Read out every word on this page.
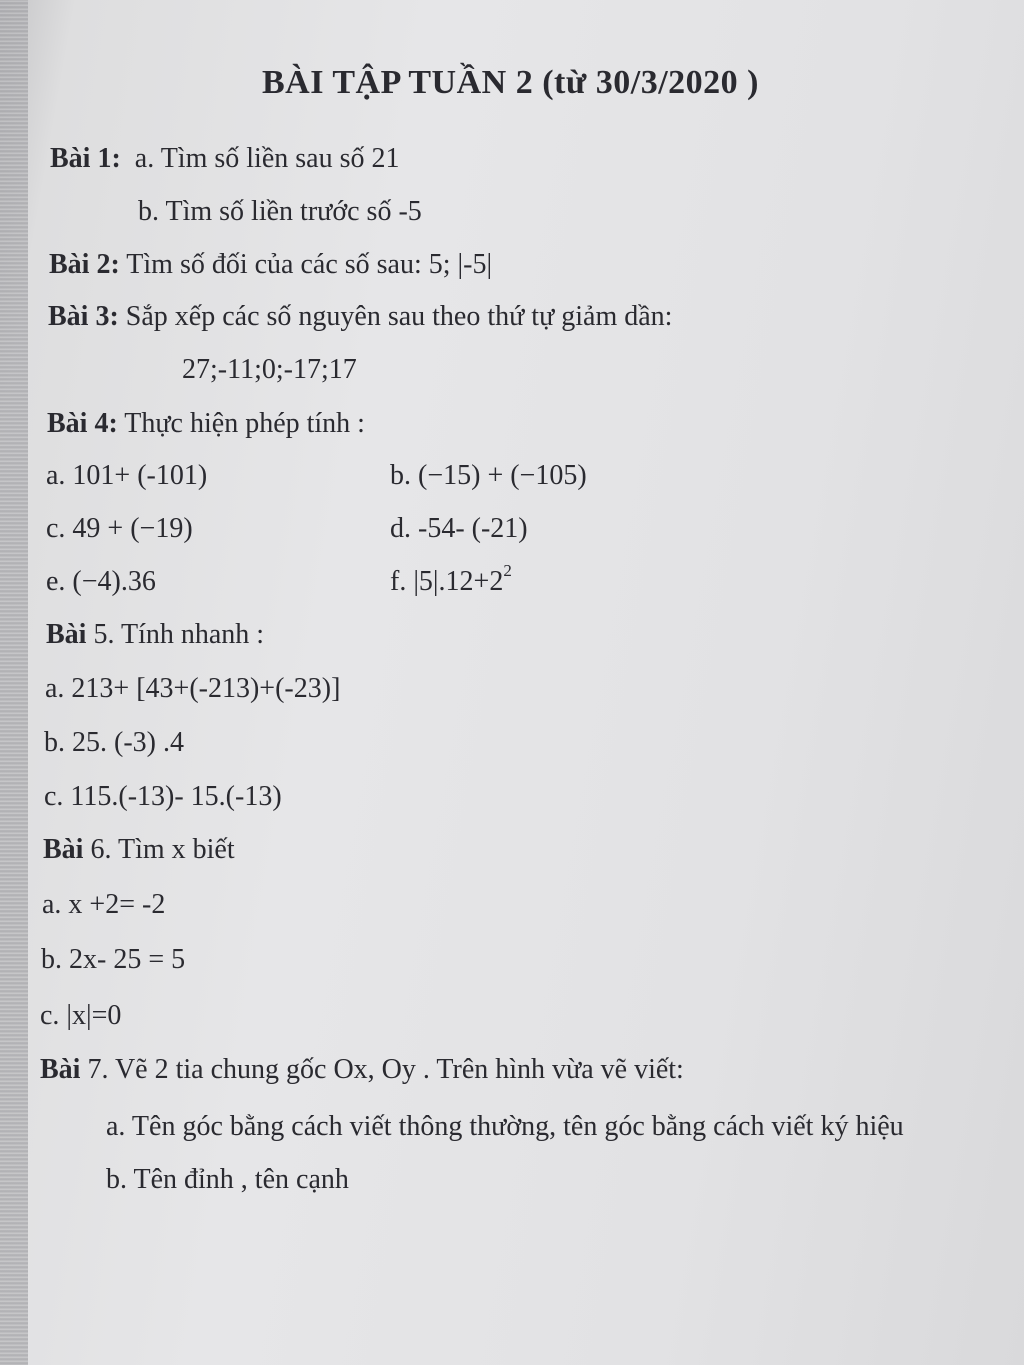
BÀI TẬP TUẦN 2 (từ 30/3/2020 )
Bài 1: a. Tìm số liền sau số 21
b. Tìm số liền trước số -5
Bài 2: Tìm số đối của các số sau: 5; |-5|
Bài 3: Sắp xếp các số nguyên sau theo thứ tự giảm dần:
27;-11;0;-17;17
Bài 4: Thực hiện phép tính :
a. 101+ (-101)	b. (−15) + (−105)
c. 49 + (−19)	d. -54- (-21)
e. (−4).36	f. $|5|.12+2^2$
Bài 5. Tính nhanh :
a. 213+ [43+(-213)+(-23)]
b. 25. (-3) .4
c. 115.(-13)- 15.(-13)
Bài 6. Tìm x biết
a. x +2= -2
b. 2x- 25 = 5
c. |x|=0
Bài 7. Vẽ 2 tia chung gốc Ox, Oy . Trên hình vừa vẽ viết:
a. Tên góc bằng cách viết thông thường, tên góc bằng cách viết ký hiệu
b. Tên đỉnh , tên cạnh
